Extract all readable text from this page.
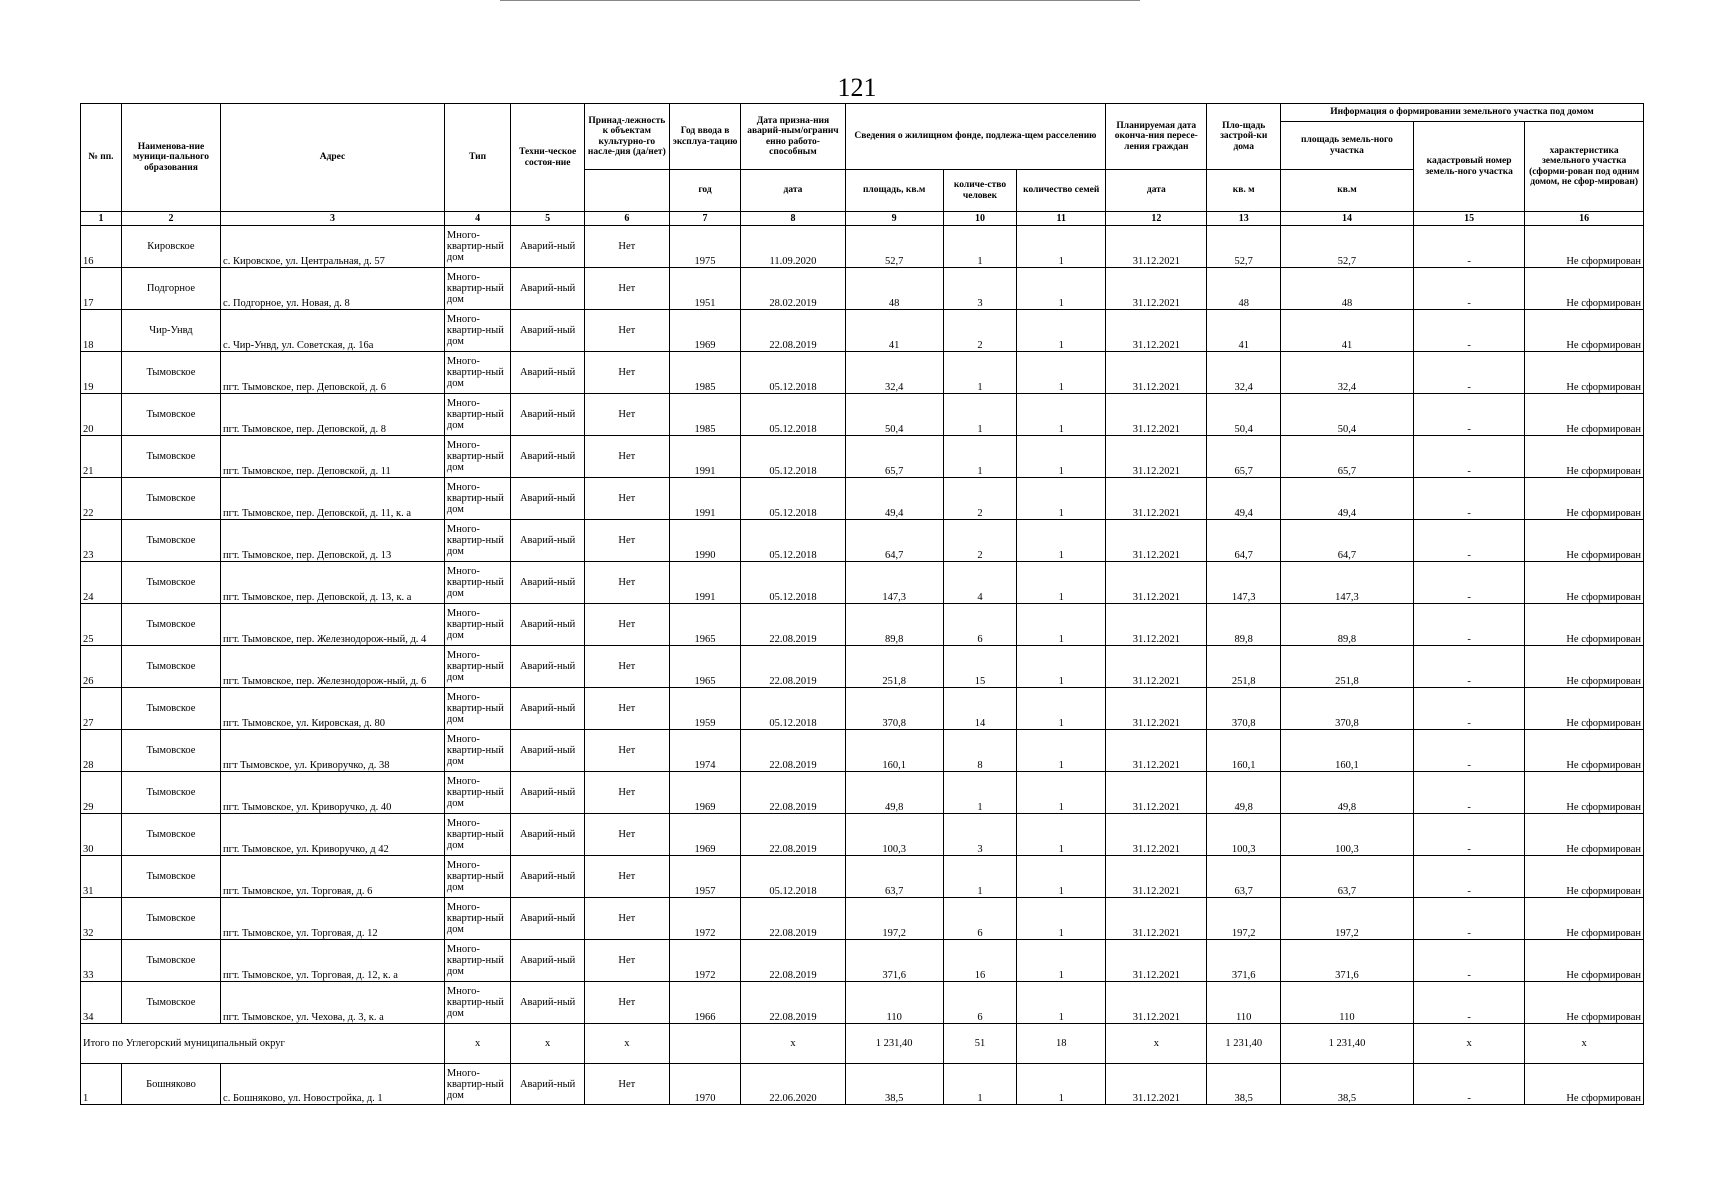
121
№ пп.	Наименова-ние муници-пального образования	Адрес	Тип	Техни-ческое состоя-ние	Принад-лежность к объектам культурно-го насле-дия (да/нет)	Год ввода в эксплуа-тацию	Дата призна-ния аварий-ным/огранич енно работо-способным	Сведения о жилищном фонде, подлежа-щем расселению			Планируемая дата оконча-ния пересе-ления граждан	Пло-щадь застрой-ки дома	Информация о формировании земельного участка под домом		
													площадь земель-ного участка	кадастровый номер земель-ного участка	характеристика земельного участка (сформи-рован под одним домом, не сфор-мирован)
						год	дата	площадь, кв.м	количе-ство человек	количество семей	дата	кв. м	кв.м		
1	2	3	4	5	6	7	8	9	10	11	12	13	14	15	16
16	Кировское	с. Кировское, ул. Центральная, д. 57	Много-квартир-ный дом	Аварий-ный	Нет	1975	11.09.2020	52,7	1	1	31.12.2021	52,7	52,7	-	Не сформирован
17	Подгорное	с. Подгорное, ул. Новая, д. 8	Много-квартир-ный дом	Аварий-ный	Нет	1951	28.02.2019	48	3	1	31.12.2021	48	48	-	Не сформирован
18	Чир-Унвд	с. Чир-Унвд, ул. Советская, д. 16а	Много-квартир-ный дом	Аварий-ный	Нет	1969	22.08.2019	41	2	1	31.12.2021	41	41	-	Не сформирован
19	Тымовское	пгт. Тымовское, пер. Деповской, д. 6	Много-квартир-ный дом	Аварий-ный	Нет	1985	05.12.2018	32,4	1	1	31.12.2021	32,4	32,4	-	Не сформирован
20	Тымовское	пгт. Тымовское, пер. Деповской, д. 8	Много-квартир-ный дом	Аварий-ный	Нет	1985	05.12.2018	50,4	1	1	31.12.2021	50,4	50,4	-	Не сформирован
21	Тымовское	пгт. Тымовское, пер. Деповской, д. 11	Много-квартир-ный дом	Аварий-ный	Нет	1991	05.12.2018	65,7	1	1	31.12.2021	65,7	65,7	-	Не сформирован
22	Тымовское	пгт. Тымовское, пер. Деповской, д. 11, к. а	Много-квартир-ный дом	Аварий-ный	Нет	1991	05.12.2018	49,4	2	1	31.12.2021	49,4	49,4	-	Не сформирован
23	Тымовское	пгт. Тымовское, пер. Деповской, д. 13	Много-квартир-ный дом	Аварий-ный	Нет	1990	05.12.2018	64,7	2	1	31.12.2021	64,7	64,7	-	Не сформирован
24	Тымовское	пгт. Тымовское, пер. Деповской, д. 13, к. а	Много-квартир-ный дом	Аварий-ный	Нет	1991	05.12.2018	147,3	4	1	31.12.2021	147,3	147,3	-	Не сформирован
25	Тымовское	пгт. Тымовское, пер. Железнодорож-ный, д. 4	Много-квартир-ный дом	Аварий-ный	Нет	1965	22.08.2019	89,8	6	1	31.12.2021	89,8	89,8	-	Не сформирован
26	Тымовское	пгт. Тымовское, пер. Железнодорож-ный, д. 6	Много-квартир-ный дом	Аварий-ный	Нет	1965	22.08.2019	251,8	15	1	31.12.2021	251,8	251,8	-	Не сформирован
27	Тымовское	пгт. Тымовское, ул. Кировская, д. 80	Много-квартир-ный дом	Аварий-ный	Нет	1959	05.12.2018	370,8	14	1	31.12.2021	370,8	370,8	-	Не сформирован
28	Тымовское	пгт Тымовское, ул. Криворучко, д. 38	Много-квартир-ный дом	Аварий-ный	Нет	1974	22.08.2019	160,1	8	1	31.12.2021	160,1	160,1	-	Не сформирован
29	Тымовское	пгт. Тымовское, ул. Криворучко, д. 40	Много-квартир-ный дом	Аварий-ный	Нет	1969	22.08.2019	49,8	1	1	31.12.2021	49,8	49,8	-	Не сформирован
30	Тымовское	пгт. Тымовское, ул. Криворучко, д 42	Много-квартир-ный дом	Аварий-ный	Нет	1969	22.08.2019	100,3	3	1	31.12.2021	100,3	100,3	-	Не сформирован
31	Тымовское	пгт. Тымовское, ул. Торговая, д. 6	Много-квартир-ный дом	Аварий-ный	Нет	1957	05.12.2018	63,7	1	1	31.12.2021	63,7	63,7	-	Не сформирован
32	Тымовское	пгт. Тымовское, ул. Торговая, д. 12	Много-квартир-ный дом	Аварий-ный	Нет	1972	22.08.2019	197,2	6	1	31.12.2021	197,2	197,2	-	Не сформирован
33	Тымовское	пгт. Тымовское, ул. Торговая, д. 12, к. а	Много-квартир-ный дом	Аварий-ный	Нет	1972	22.08.2019	371,6	16	1	31.12.2021	371,6	371,6	-	Не сформирован
34	Тымовское	пгт. Тымовское, ул. Чехова, д. 3, к. а	Много-квартир-ный дом	Аварий-ный	Нет	1966	22.08.2019	110	6	1	31.12.2021	110	110	-	Не сформирован
Итого по Углегорский муниципальный округ			x	x	x		x	1 231,40	51	18	x	1 231,40	1 231,40	x	x
1	Бошняково	с. Бошняково, ул. Новостройка, д. 1	Много-квартир-ный дом	Аварий-ный	Нет	1970	22.06.2020	38,5	1	1	31.12.2021	38,5	38,5	-	Не сформирован
